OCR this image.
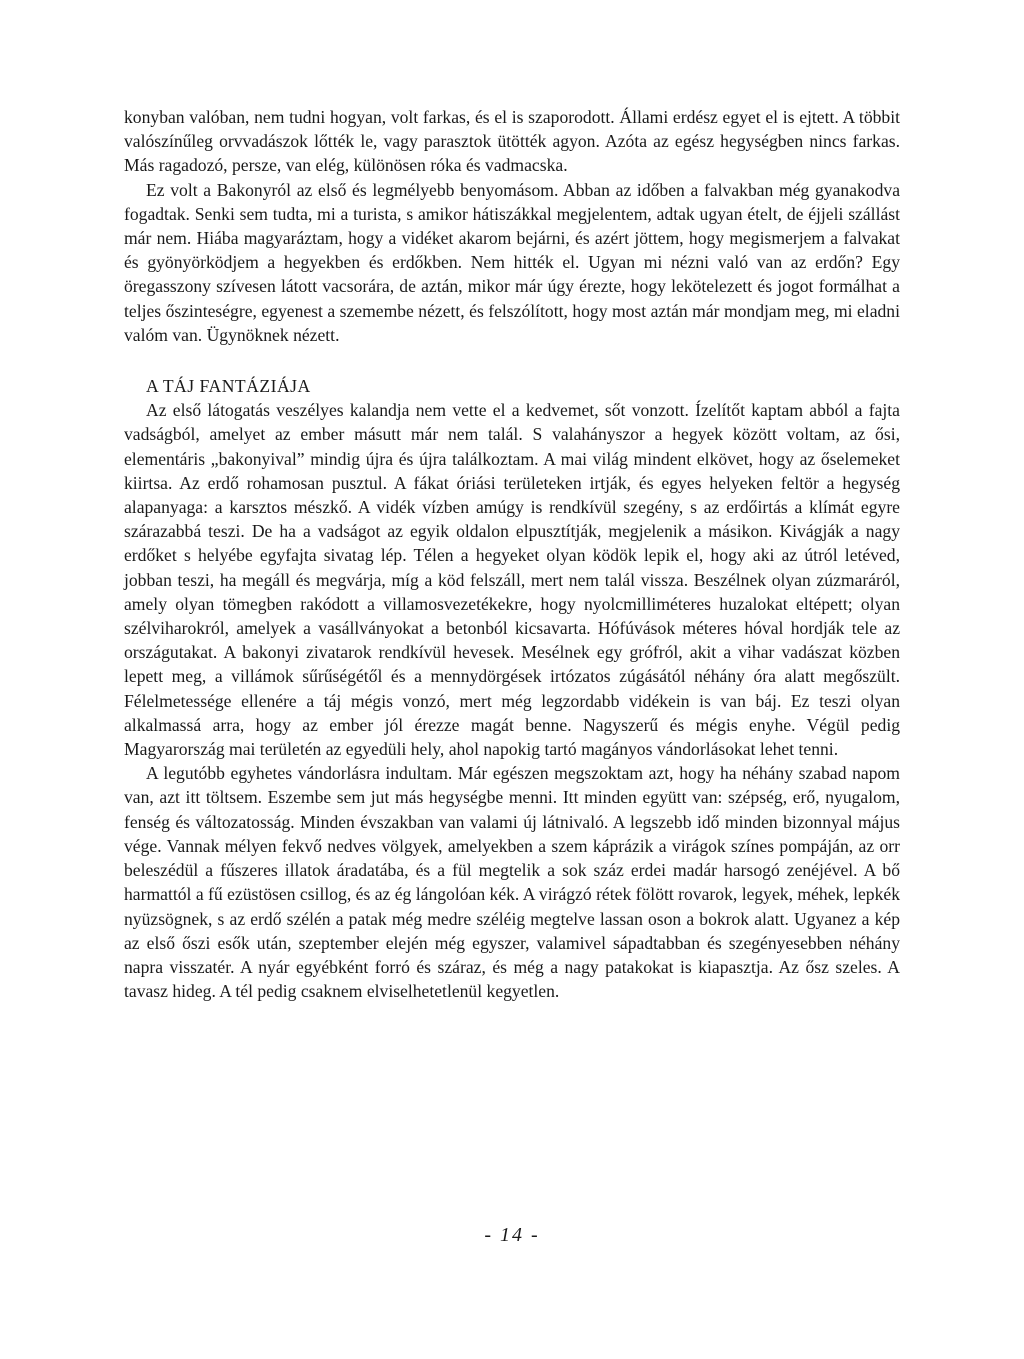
konyban valóban, nem tudni hogyan, volt farkas, és el is szaporodott. Állami erdész egyet el is ejtett. A többit valószínűleg orvvadászok lőtték le, vagy parasztok ütötték agyon. Azóta az egész hegységben nincs farkas. Más ragadozó, persze, van elég, különösen róka és vadmacska.

Ez volt a Bakonyról az első és legmélyebb benyomásom. Abban az időben a falvakban még gyanakodva fogadtak. Senki sem tudta, mi a turista, s amikor hátiszákkal megjelentem, adtak ugyan ételt, de éjjeli szállást már nem. Hiába magyaráztam, hogy a vidéket akarom bejárni, és azért jöttem, hogy megismerjem a falvakat és gyönyörködjem a hegyekben és erdőkben. Nem hitték el. Ugyan mi nézni való van az erdőn? Egy öregasszony szívesen látott vacsorára, de aztán, mikor már úgy érezte, hogy lekötelezett és jogot formálhat a teljes őszinteségre, egyenest a szemembe nézett, és felszólított, hogy most aztán már mondjam meg, mi eladni valóm van. Ügynöknek nézett.

A TÁJ FANTÁZIÁJA

Az első látogatás veszélyes kalandja nem vette el a kedvemet, sőt vonzott. Ízelítőt kaptam abból a fajta vadságból, amelyet az ember másutt már nem talál. S valahányszor a hegyek között voltam, az ősi, elementáris „bakonyival” mindig újra és újra találkoztam. A mai világ mindent elkövet, hogy az őselemeket kiirtsa. Az erdő rohamosan pusztul. A fákat óriási területeken irtják, és egyes helyeken feltör a hegység alapanyaga: a karsztos mészkő. A vidék vízben amúgy is rendkívül szegény, s az erdőirtás a klímát egyre szárazabbá teszi. De ha a vadságot az egyik oldalon elpusztítják, megjelenik a másikon. Kivágják a nagy erdőket s helyébe egyfajta sivatag lép. Télen a hegyeket olyan ködök lepik el, hogy aki az útról letéved, jobban teszi, ha megáll és megvárja, míg a köd felszáll, mert nem talál vissza. Beszélnek olyan zúzmaráról, amely olyan tömegben rakódott a villamosvezetékekre, hogy nyolcmilliméteres huzalokat eltépett; olyan szélviharokról, amelyek a vasállványokat a betonból kicsavarta. Hófúvások méteres hóval hordják tele az országutakat. A bakonyi zivatarok rendkívül hevesek. Mesélnek egy grófról, akit a vihar vadászat közben lepett meg, a villámok sűrűségétől és a mennydörgések irtózatos zúgásától néhány óra alatt megőszült. Félelmetessége ellenére a táj mégis vonzó, mert még legzordabb vidékein is van báj. Ez teszi olyan alkalmassá arra, hogy az ember jól érezze magát benne. Nagyszerű és mégis enyhe. Végül pedig Magyarország mai területén az egyedüli hely, ahol napokig tartó magányos vándorlásokat lehet tenni.

A legutóbb egyhetes vándorlásra indultam. Már egészen megszoktam azt, hogy ha néhány szabad napom van, azt itt töltsem. Eszembe sem jut más hegységbe menni. Itt minden együtt van: szépség, erő, nyugalom, fenség és változatosság. Minden évszakban van valami új látnivaló. A legszebb idő minden bizonnyal május vége. Vannak mélyen fekvő nedves völgyek, amelyekben a szem káprázik a virágok színes pompáján, az orr beleszédül a fűszeres illatok áradatába, és a fül megtelik a sok száz erdei madár harsogó zenéjével. A bő harmattól a fű ezüstösen csillog, és az ég lángolóan kék. A virágzó rétek fölött rovarok, legyek, méhek, lepkék nyüzsögnek, s az erdő szélén a patak még medre széléig megtelve lassan oson a bokrok alatt. Ugyanez a kép az első őszi esők után, szeptember elején még egyszer, valamivel sápadtabban és szegényesebben néhány napra visszatér. A nyár egyébként forró és száraz, és még a nagy patakokat is kiapasztja. Az ősz szeles. A tavasz hideg. A tél pedig csaknem elviselhetetlenül kegyetlen.

- 14 -
